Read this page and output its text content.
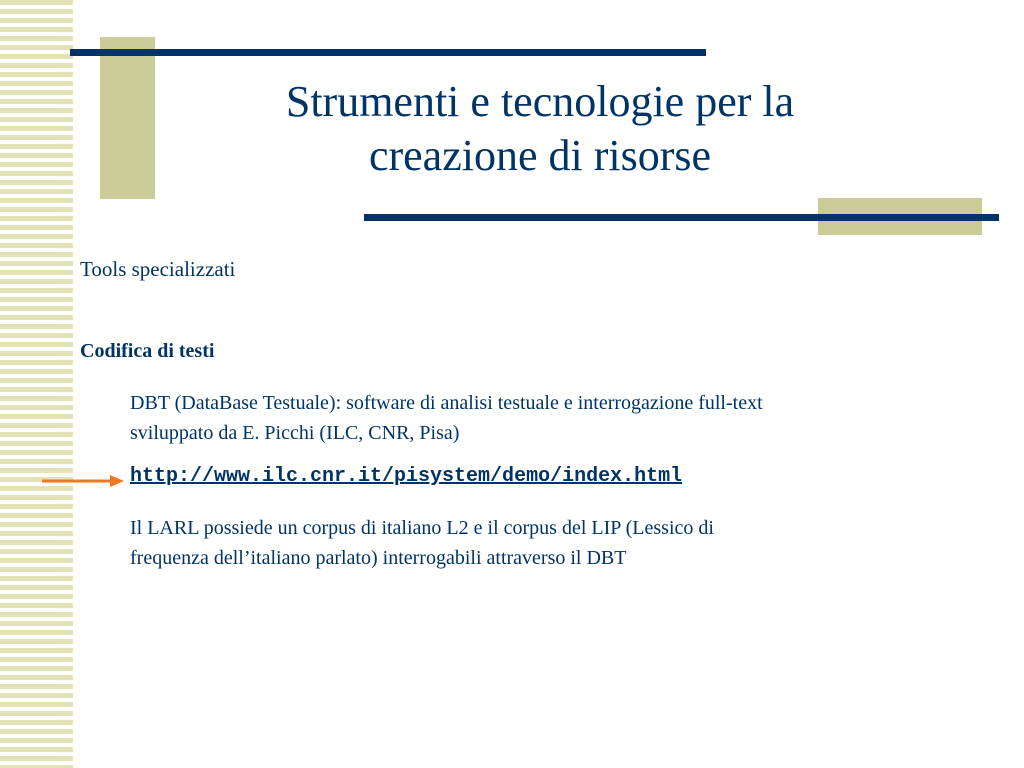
Strumenti e tecnologie per la
creazione di risorse
Tools specializzati
Codifica di testi
DBT (DataBase Testuale): software di analisi testuale e interrogazione full-text
sviluppato da E. Picchi (ILC, CNR, Pisa)
http://www.ilc.cnr.it/pisystem/demo/index.html
Il LARL possiede un corpus di italiano L2 e il corpus del LIP (Lessico di
frequenza dell’italiano parlato) interrogabili attraverso il DBT
